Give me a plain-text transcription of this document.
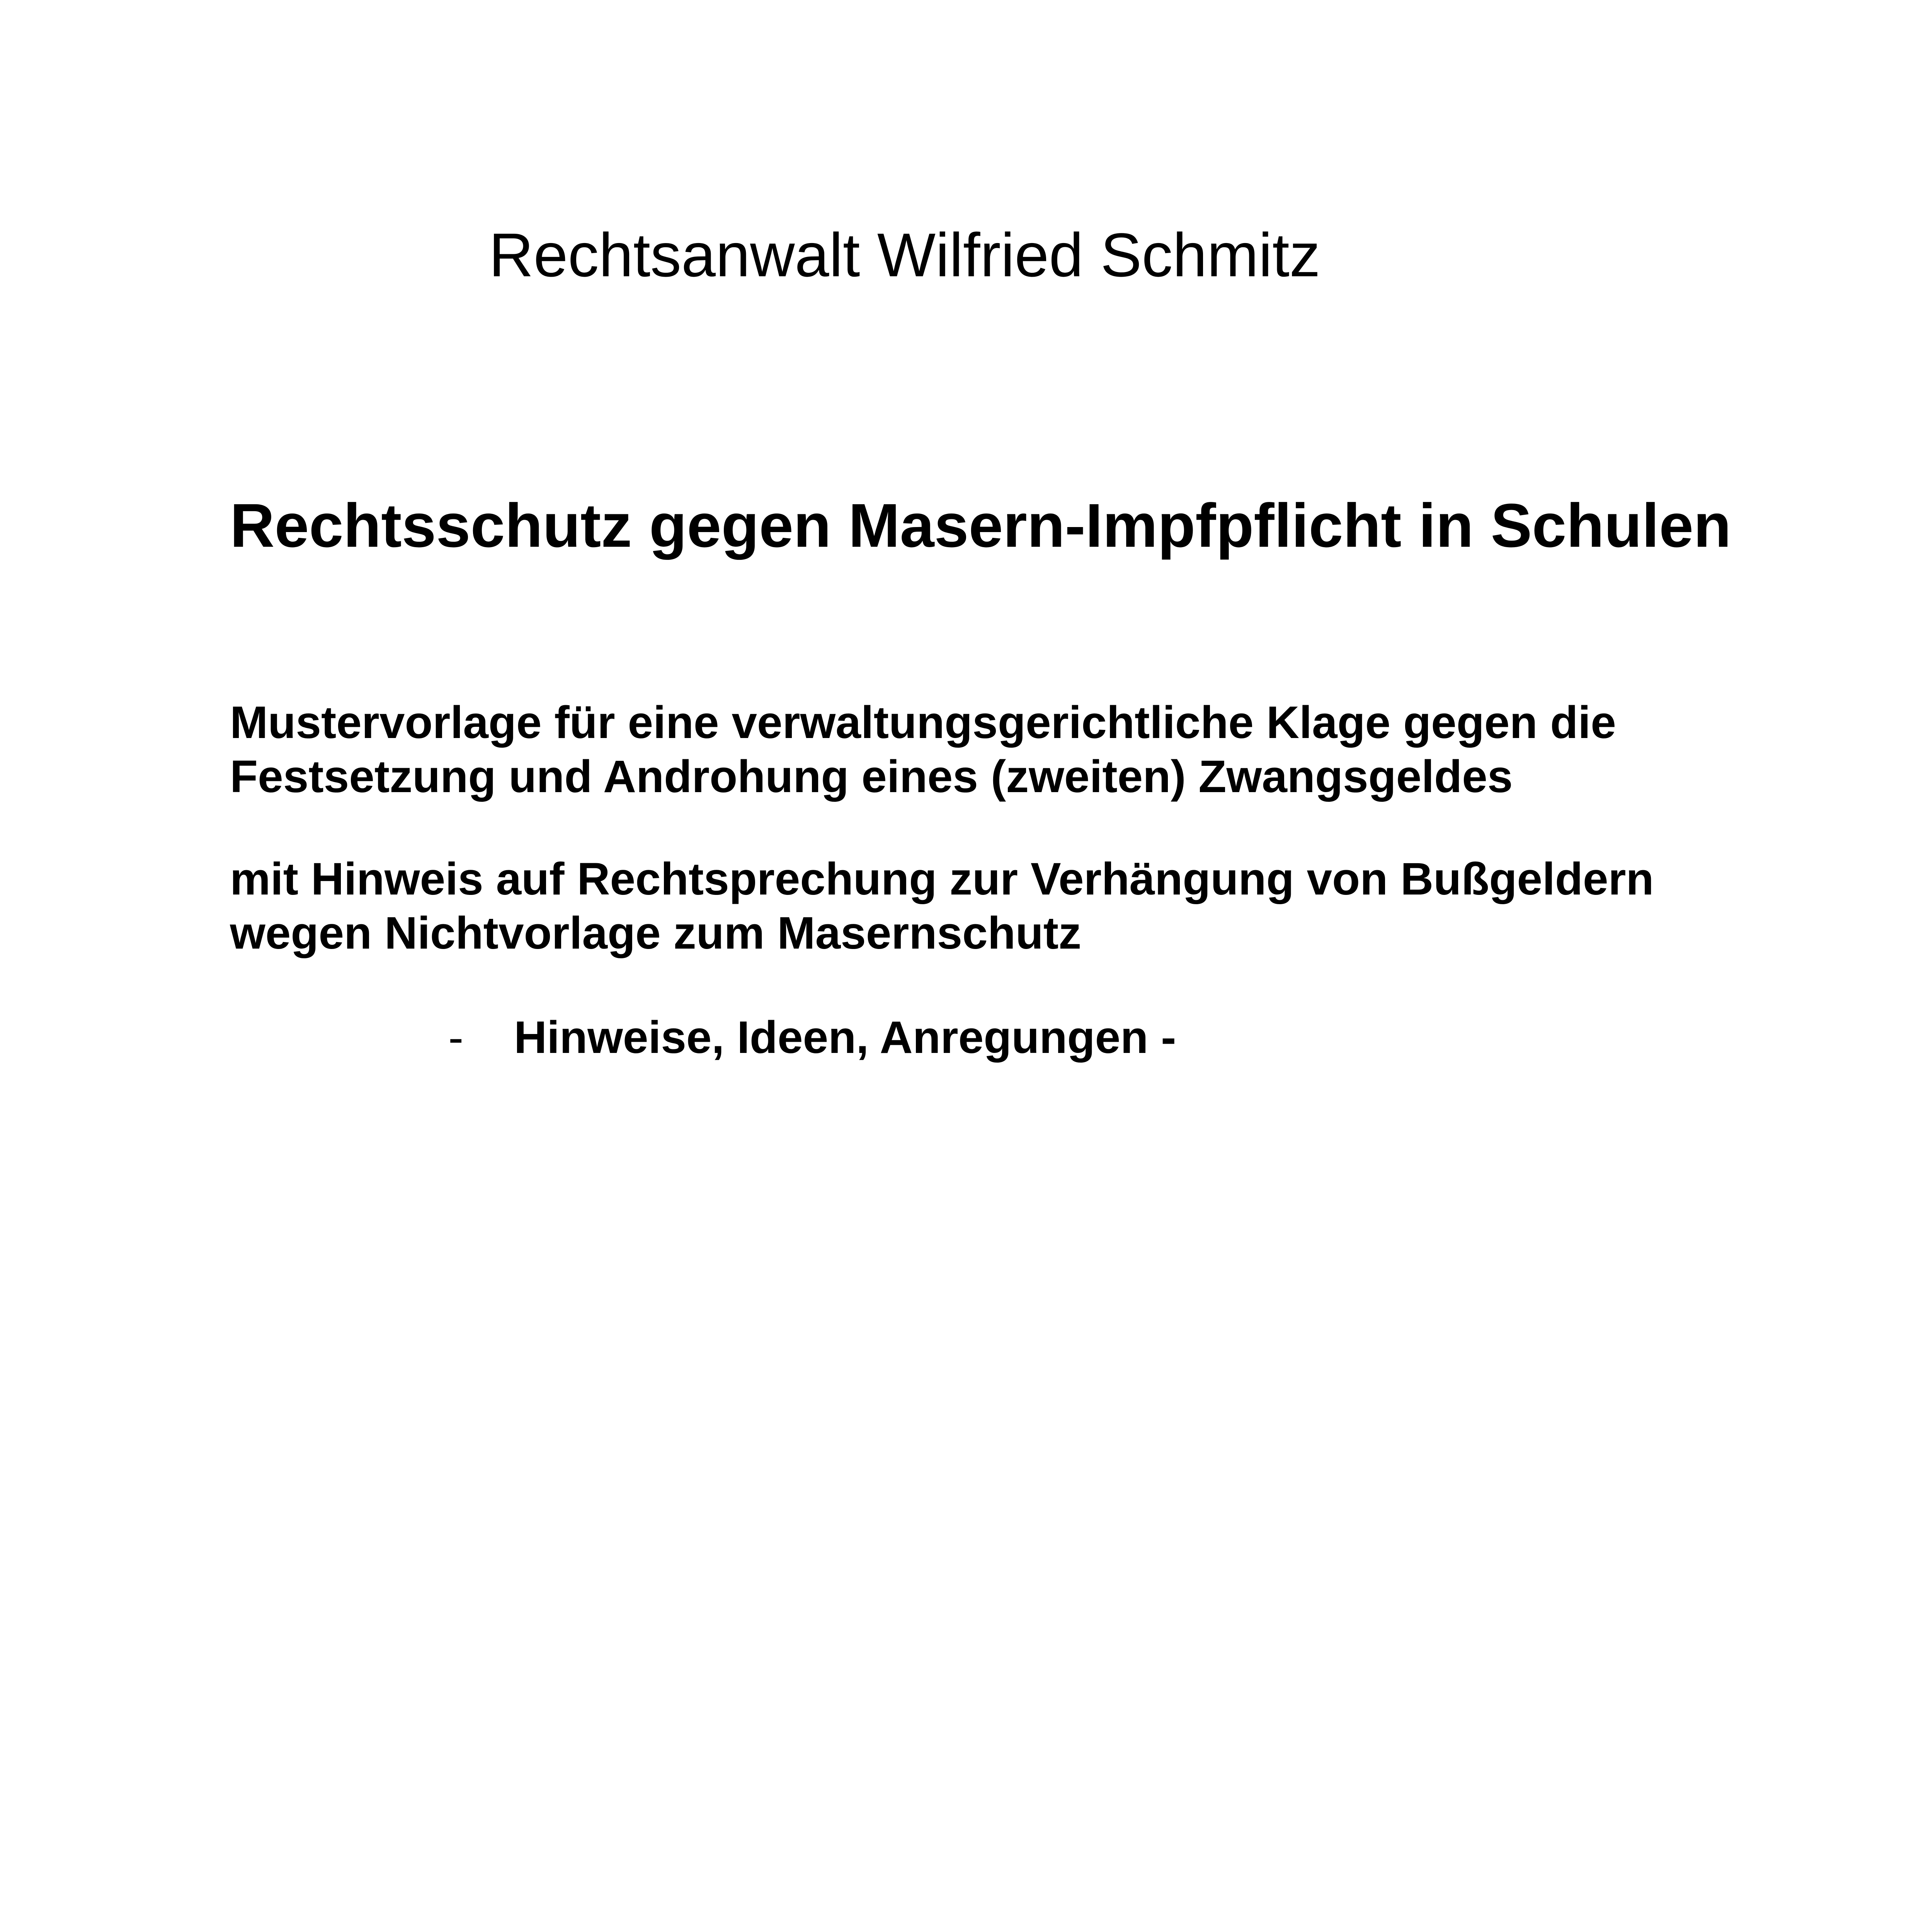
Rechtsanwalt Wilfried Schmitz
Rechtsschutz gegen Masern-Impfpflicht in Schulen

Mustervorlage für eine verwaltungsgerichtliche Klage gegen die
Festsetzung und Androhung eines (zweiten) Zwangsgeldes

mit Hinweis auf Rechtsprechung zur Verhängung von Bußgeldern
wegen Nichtvorlage zum Masernschutz

- Hinweise, Ideen, Anregungen -
